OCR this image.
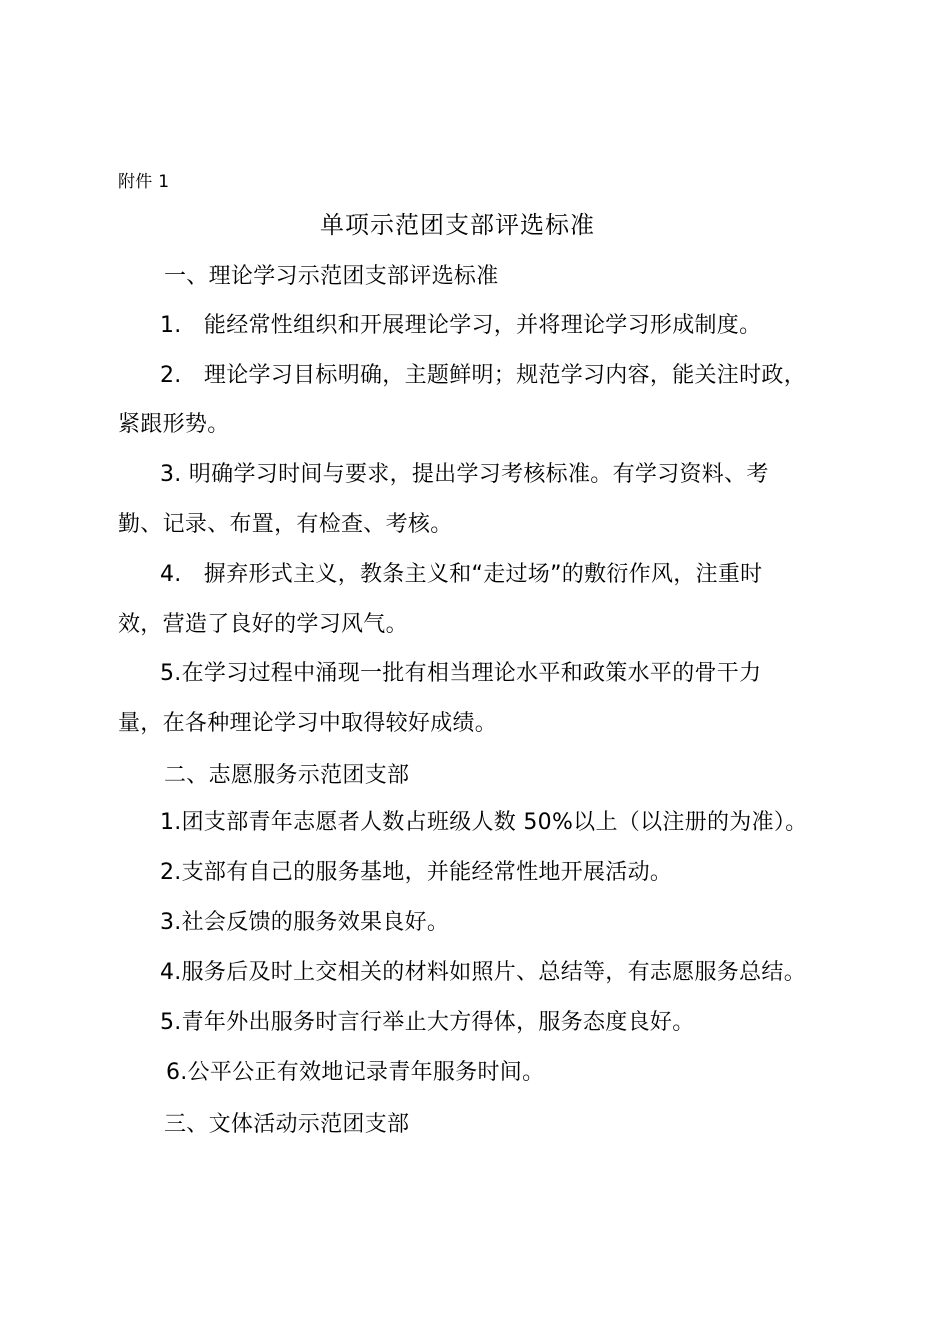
附件 1
单项示范团支部评选标准
一、理论学习示范团支部评选标准
1.　能经常性组织和开展理论学习，并将理论学习形成制度。
2.　理论学习目标明确，主题鲜明；规范学习内容，能关注时政，
紧跟形势。
3. 明确学习时间与要求，提出学习考核标准。有学习资料、考
勤、记录、布置，有检查、考核。
4.　摒弃形式主义，教条主义和“走过场”的敷衍作风，注重时
效，营造了良好的学习风气。
5.在学习过程中涌现一批有相当理论水平和政策水平的骨干力
量，在各种理论学习中取得较好成绩。
二、志愿服务示范团支部
1.团支部青年志愿者人数占班级人数 50%以上（以注册的为准）。
2.支部有自己的服务基地，并能经常性地开展活动。
3.社会反馈的服务效果良好。
4.服务后及时上交相关的材料如照片、总结等，有志愿服务总结。
5.青年外出服务时言行举止大方得体，服务态度良好。
6.公平公正有效地记录青年服务时间。
三、文体活动示范团支部
